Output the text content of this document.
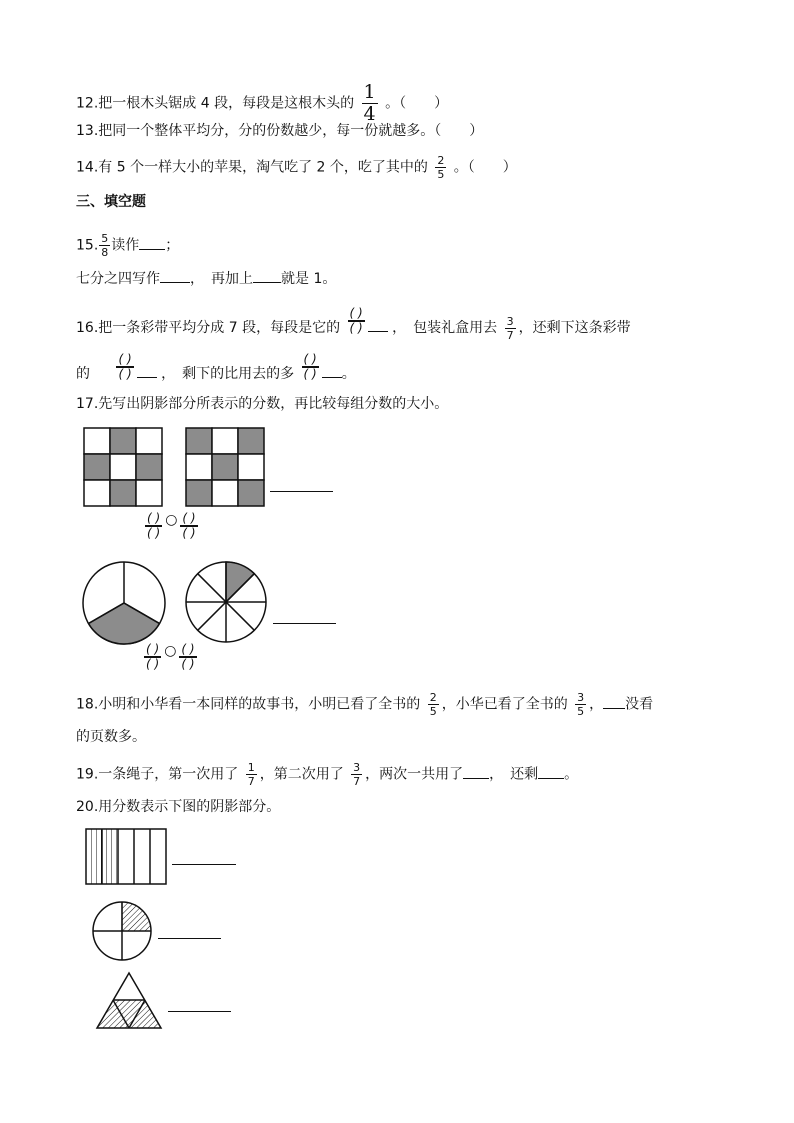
12.把一根木头锯成 4 段，每段是这根木头的 $\frac{1}{4}$ 。（　　）
13.把同一个整体平均分，分的份数越少，每一份就越多。（　　）
14.有 5 个一样大小的苹果，淘气吃了 2 个，吃了其中的 $\frac{2}{5}$ 。（　　）
三、填空题
15. $\frac{5}{8}$ 读作 ；
七分之四写作 ，　再加上 就是 1。
16.把一条彩带平均分成 7 段，每段是它的
$\frac{( )}{( )}$
，　包装礼盒用去 $\frac{3}{7}$ ，还剩下这条彩带
的
$\frac{( )}{( )}$
，　剩下的比用去的多
$\frac{( )}{( )}$
。
17.先写出阴影部分所表示的分数，再比较每组分数的大小。
$\frac{( )}{( )}$ ○ $\frac{( )}{( )}$
$\frac{( )}{( )}$ ○ $\frac{( )}{( )}$
18.小明和小华看一本同样的故事书，小明已看了全书的 $\frac{2}{5}$ ，小华已看了全书的 $\frac{3}{5}$ ， 没看
的页数多。
19.一条绳子，第一次用了 $\frac{1}{7}$ ，第二次用了 $\frac{3}{7}$ ，两次一共用了 ，　还剩 。
20.用分数表示下图的阴影部分。
